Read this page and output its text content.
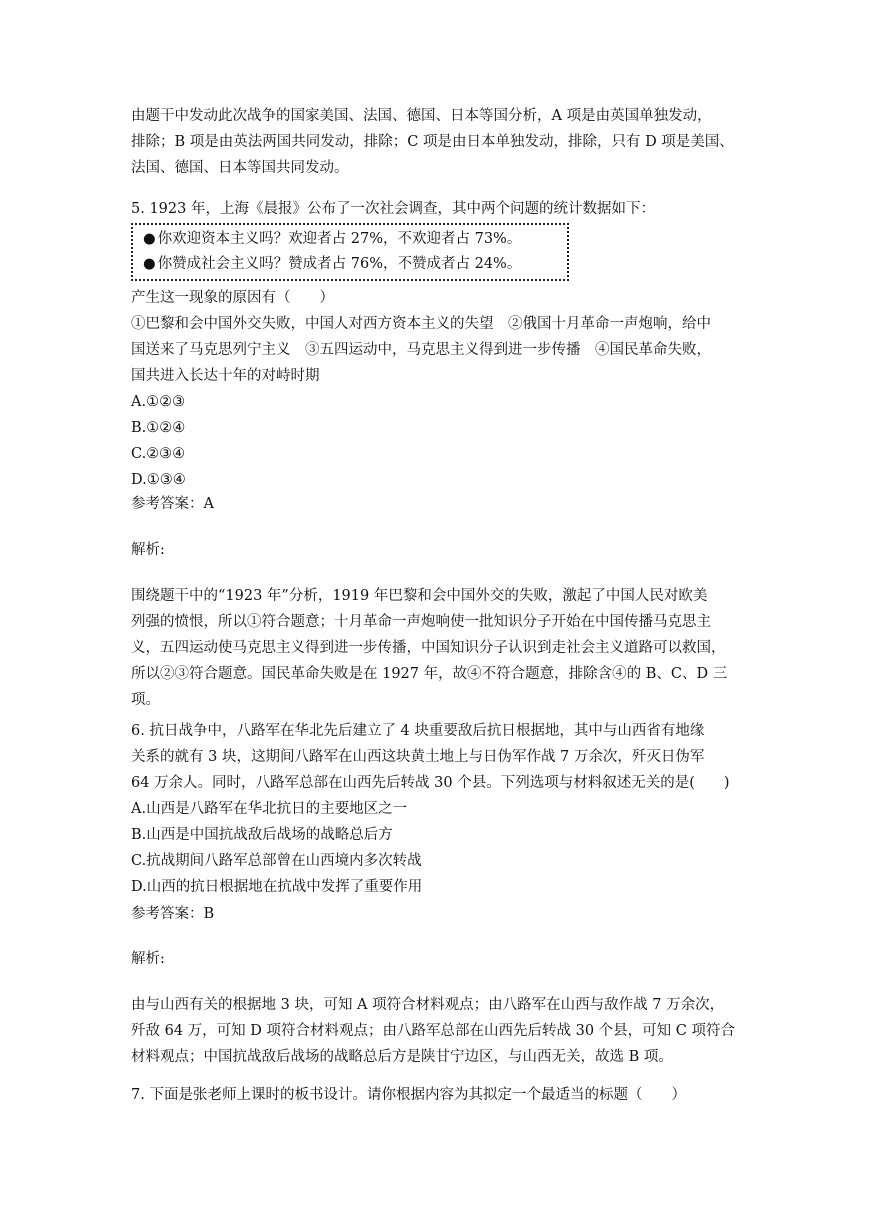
由题干中发动此次战争的国家美国、法国、德国、日本等国分析，A 项是由英国单独发动，
排除；B 项是由英法两国共同发动，排除；C 项是由日本单独发动，排除，只有 D 项是美国、
法国、德国、日本等国共同发动。
5. 1923 年，上海《晨报》公布了一次社会调查，其中两个问题的统计数据如下：
● 你欢迎资本主义吗？欢迎者占 27%，不欢迎者占 73%。
● 你赞成社会主义吗？赞成者占 76%，不赞成者占 24%。
产生这一现象的原因有（　　）
①巴黎和会中国外交失败，中国人对西方资本主义的失望　②俄国十月革命一声炮响，给中
国送来了马克思列宁主义　③五四运动中，马克思主义得到进一步传播　④国民革命失败，
国共进入长达十年的对峙时期
A.①②③
B.①②④
C.②③④
D.①③④
参考答案：A
解析:
围绕题干中的“1923 年”分析，1919 年巴黎和会中国外交的失败，激起了中国人民对欧美
列强的愤恨，所以①符合题意；十月革命一声炮响使一批知识分子开始在中国传播马克思主
义，五四运动使马克思主义得到进一步传播，中国知识分子认识到走社会主义道路可以救国，
所以②③符合题意。国民革命失败是在 1927 年，故④不符合题意，排除含④的 B、C、D 三
项。
6. 抗日战争中，八路军在华北先后建立了 4 块重要敌后抗日根据地，其中与山西省有地缘
关系的就有 3 块，这期间八路军在山西这块黄土地上与日伪军作战 7 万余次，歼灭日伪军
64 万余人。同时，八路军总部在山西先后转战 30 个县。下列选项与材料叙述无关的是(　　)
A.山西是八路军在华北抗日的主要地区之一
B.山西是中国抗战敌后战场的战略总后方
C.抗战期间八路军总部曾在山西境内多次转战
D.山西的抗日根据地在抗战中发挥了重要作用
参考答案：B
解析:
由与山西有关的根据地 3 块，可知 A 项符合材料观点；由八路军在山西与敌作战 7 万余次，
歼敌 64 万，可知 D 项符合材料观点；由八路军总部在山西先后转战 30 个县，可知 C 项符合
材料观点；中国抗战敌后战场的战略总后方是陕甘宁边区，与山西无关，故选 B 项。
7. 下面是张老师上课时的板书设计。请你根据内容为其拟定一个最适当的标题（　　）
